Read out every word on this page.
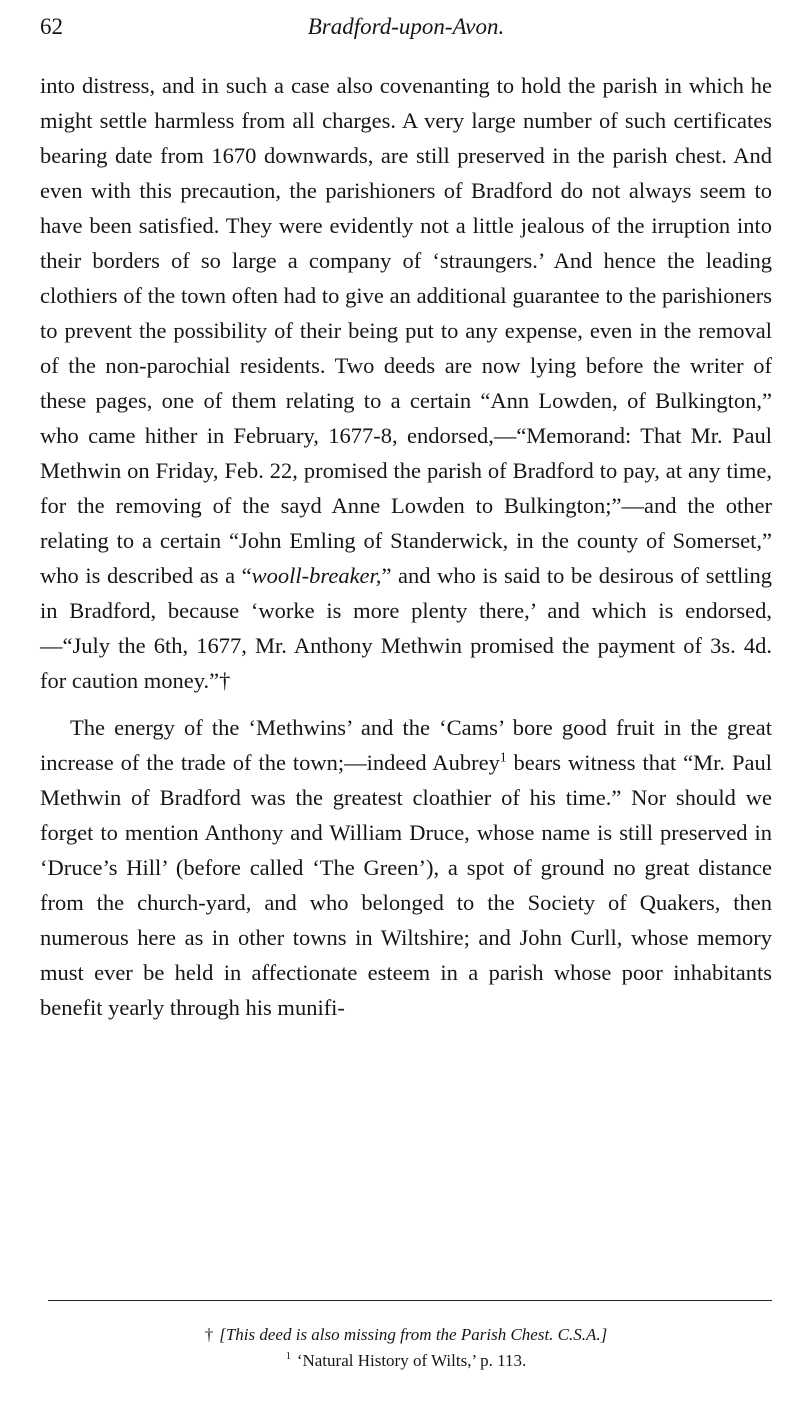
62	Bradford-upon-Avon.

into distress, and in such a case also covenanting to hold the parish in which he might settle harmless from all charges. A very large number of such certificates bearing date from 1670 downwards, are still preserved in the parish chest. And even with this precaution, the parishioners of Bradford do not always seem to have been satisfied. They were evidently not a little jealous of the irruption into their borders of so large a company of ‘straungers.’ And hence the leading clothiers of the town often had to give an additional guarantee to the parishioners to prevent the possibility of their being put to any expense, even in the removal of the non-parochial residents. Two deeds are now lying before the writer of these pages, one of them relating to a certain “Ann Lowden, of Bulkington,” who came hither in February, 1677-8, endorsed,—“Memorand: That Mr. Paul Methwin on Friday, Feb. 22, promised the parish of Bradford to pay, at any time, for the removing of the sayd Anne Lowden to Bulkington;”—and the other relating to a certain “John Emling of Standerwick, in the county of Somerset,” who is described as a “wooll-breaker,” and who is said to be desirous of settling in Bradford, because ‘worke is more plenty there,’ and which is endorsed,—“July the 6th, 1677, Mr. Anthony Methwin promised the payment of 3s. 4d. for caution money.”†

The energy of the ‘Methwins’ and the ‘Cams’ bore good fruit in the great increase of the trade of the town;—indeed Aubrey$^1$ bears witness that “Mr. Paul Methwin of Bradford was the greatest cloathier of his time.” Nor should we forget to mention Anthony and William Druce, whose name is still preserved in ‘Druce’s Hill’ (before called ‘The Green’), a spot of ground no great distance from the church-yard, and who belonged to the Society of Quakers, then numerous here as in other towns in Wiltshire; and John Curll, whose memory must ever be held in affectionate esteem in a parish whose poor inhabitants benefit yearly through his munifi-

† [This deed is also missing from the Parish Chest. C.S.A.]
$^1$ ‘Natural History of Wilts,’ p. 113.
